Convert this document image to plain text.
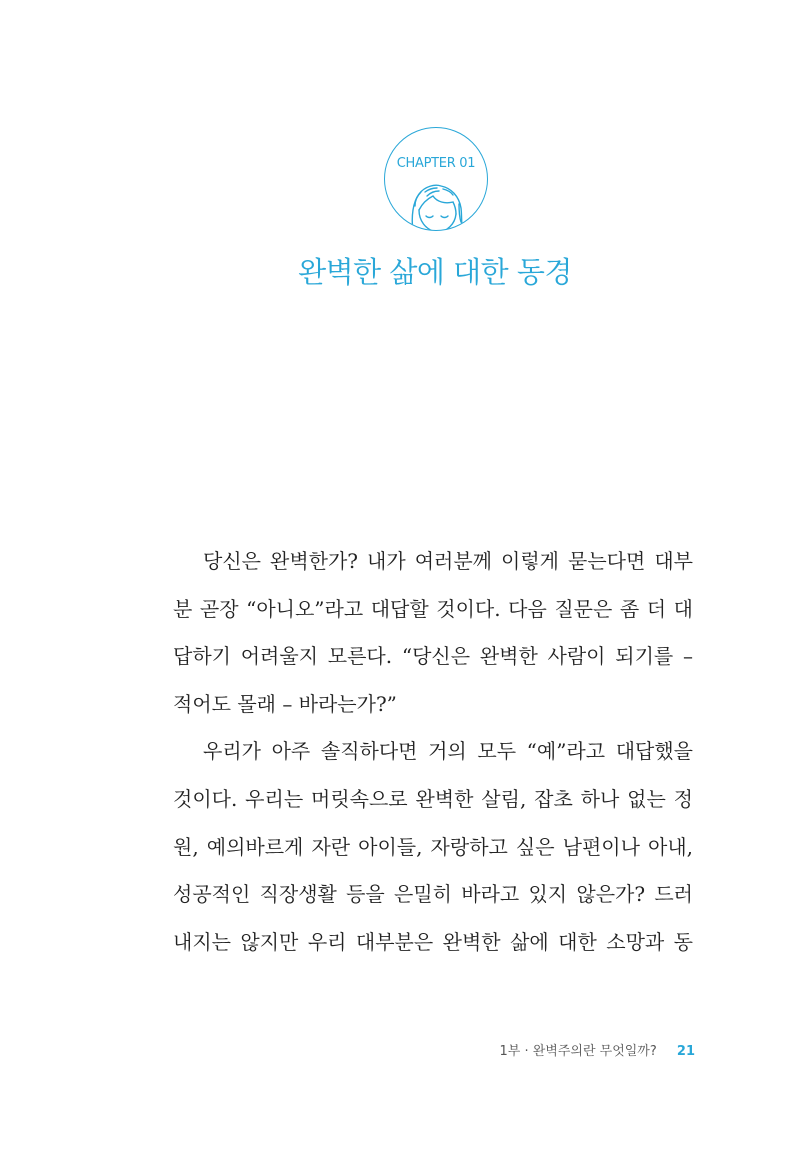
CHAPTER 01
완벽한 삶에 대한 동경
당신은 완벽한가? 내가 여러분께 이렇게 묻는다면 대부
분 곧장 “아니오”라고 대답할 것이다. 다음 질문은 좀 더 대
답하기 어려울지 모른다. “당신은 완벽한 사람이 되기를 –
적어도 몰래 – 바라는가?”
우리가 아주 솔직하다면 거의 모두 “예”라고 대답했을
것이다. 우리는 머릿속으로 완벽한 살림, 잡초 하나 없는 정
원, 예의바르게 자란 아이들, 자랑하고 싶은 남편이나 아내,
성공적인 직장생활 등을 은밀히 바라고 있지 않은가? 드러
내지는 않지만 우리 대부분은 완벽한 삶에 대한 소망과 동
1부 · 완벽주의란 무엇일까? 21
